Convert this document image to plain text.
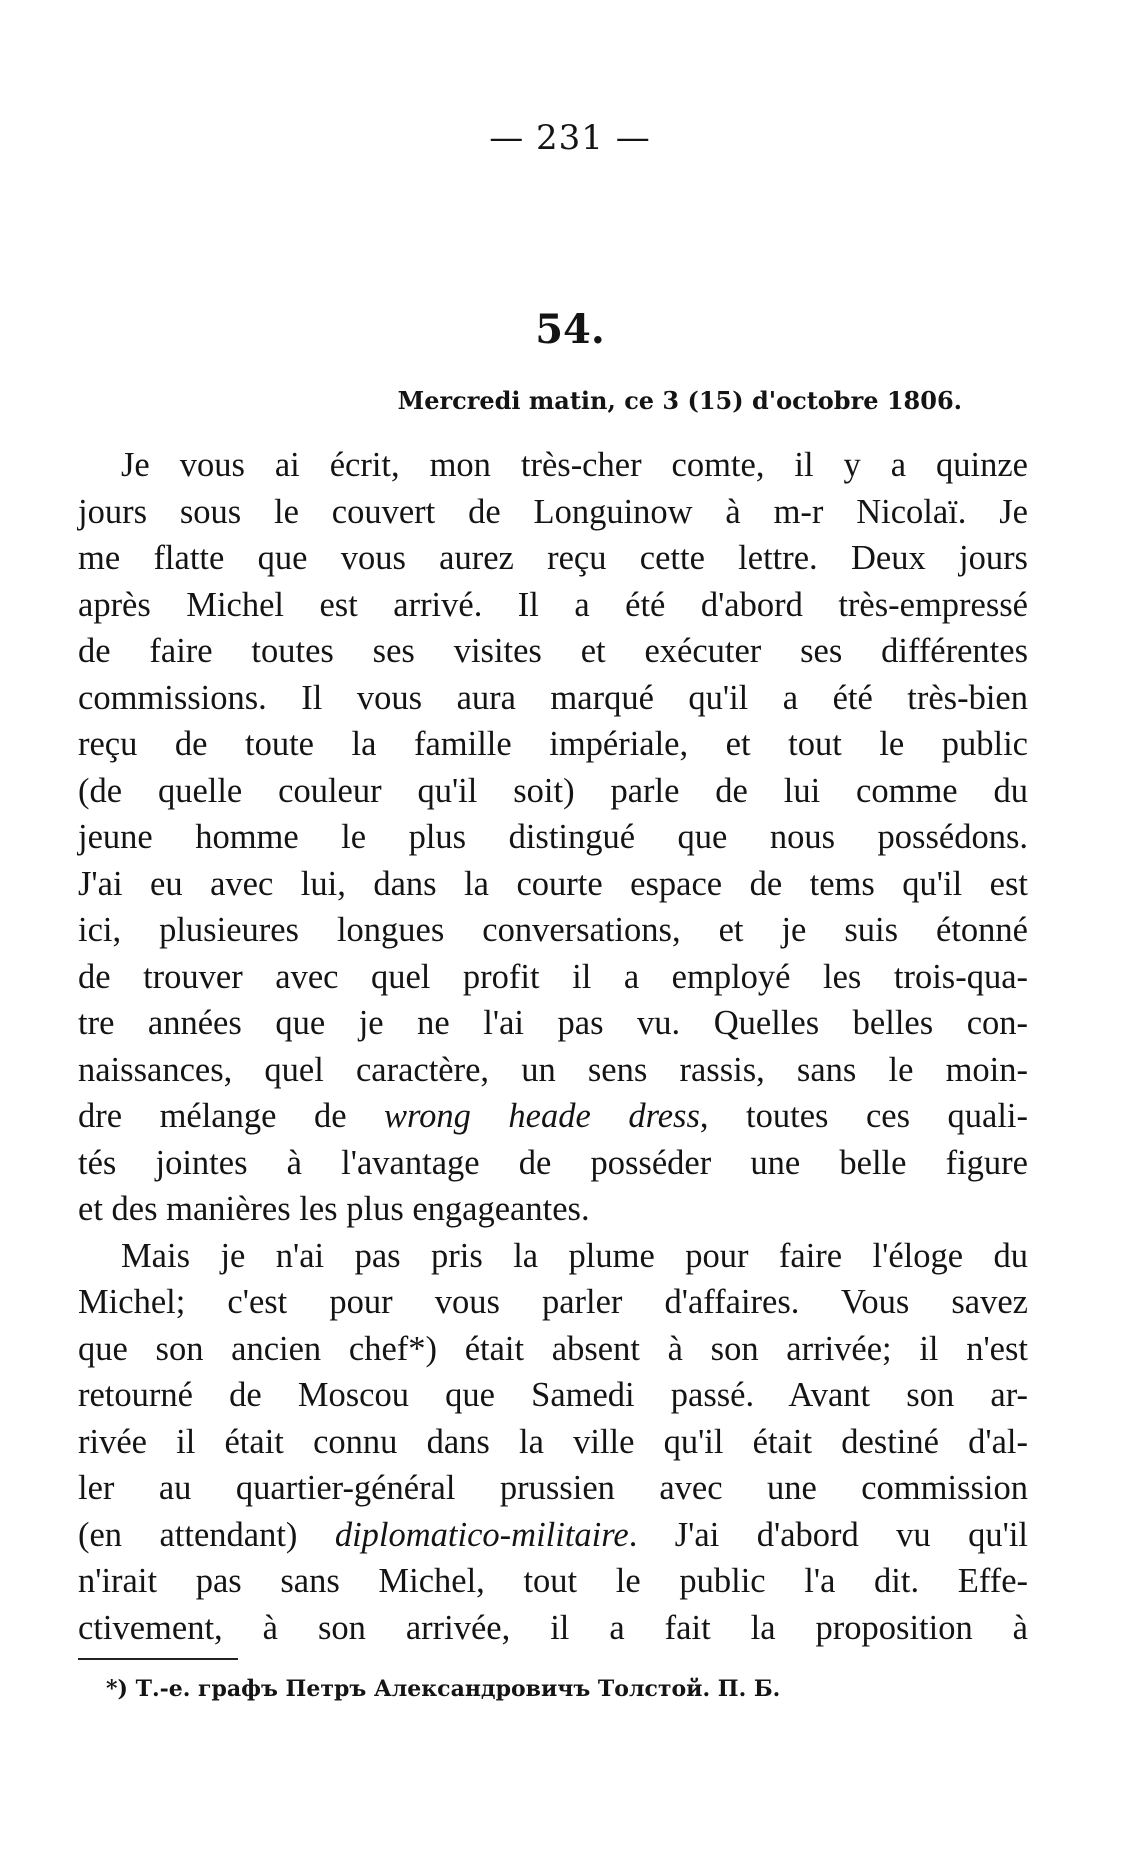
— 231 —
54.
Mercredi matin, ce 3 (15) d'octobre 1806.
Je vous ai écrit, mon très-cher comte, il y a quinze
jours sous le couvert de Longuinow à m-r Nicolaï. Je
me flatte que vous aurez reçu cette lettre. Deux jours
après Michel est arrivé. Il a été d'abord très-empressé
de faire toutes ses visites et exécuter ses différentes
commissions. Il vous aura marqué qu'il a été très-bien
reçu de toute la famille impériale, et tout le public
(de quelle couleur qu'il soit) parle de lui comme du
jeune homme le plus distingué que nous possédons.
J'ai eu avec lui, dans la courte espace de tems qu'il est
ici, plusieures longues conversations, et je suis étonné
de trouver avec quel profit il a employé les trois-qua-
tre années que je ne l'ai pas vu. Quelles belles con-
naissances, quel caractère, un sens rassis, sans le moin-
dre mélange de wrong heade dress, toutes ces quali-
tés jointes à l'avantage de posséder une belle figure
et des manières les plus engageantes.
Mais je n'ai pas pris la plume pour faire l'éloge du
Michel; c'est pour vous parler d'affaires. Vous savez
que son ancien chef*) était absent à son arrivée; il n'est
retourné de Moscou que Samedi passé. Avant son ar-
rivée il était connu dans la ville qu'il était destiné d'al-
ler au quartier-général prussien avec une commission
(en attendant) diplomatico-militaire. J'ai d'abord vu qu'il
n'irait pas sans Michel, tout le public l'a dit. Effe-
ctivement, à son arrivée, il a fait la proposition à
*) Т.-е. графъ Петръ Александровичъ Толстой. П. Б.
